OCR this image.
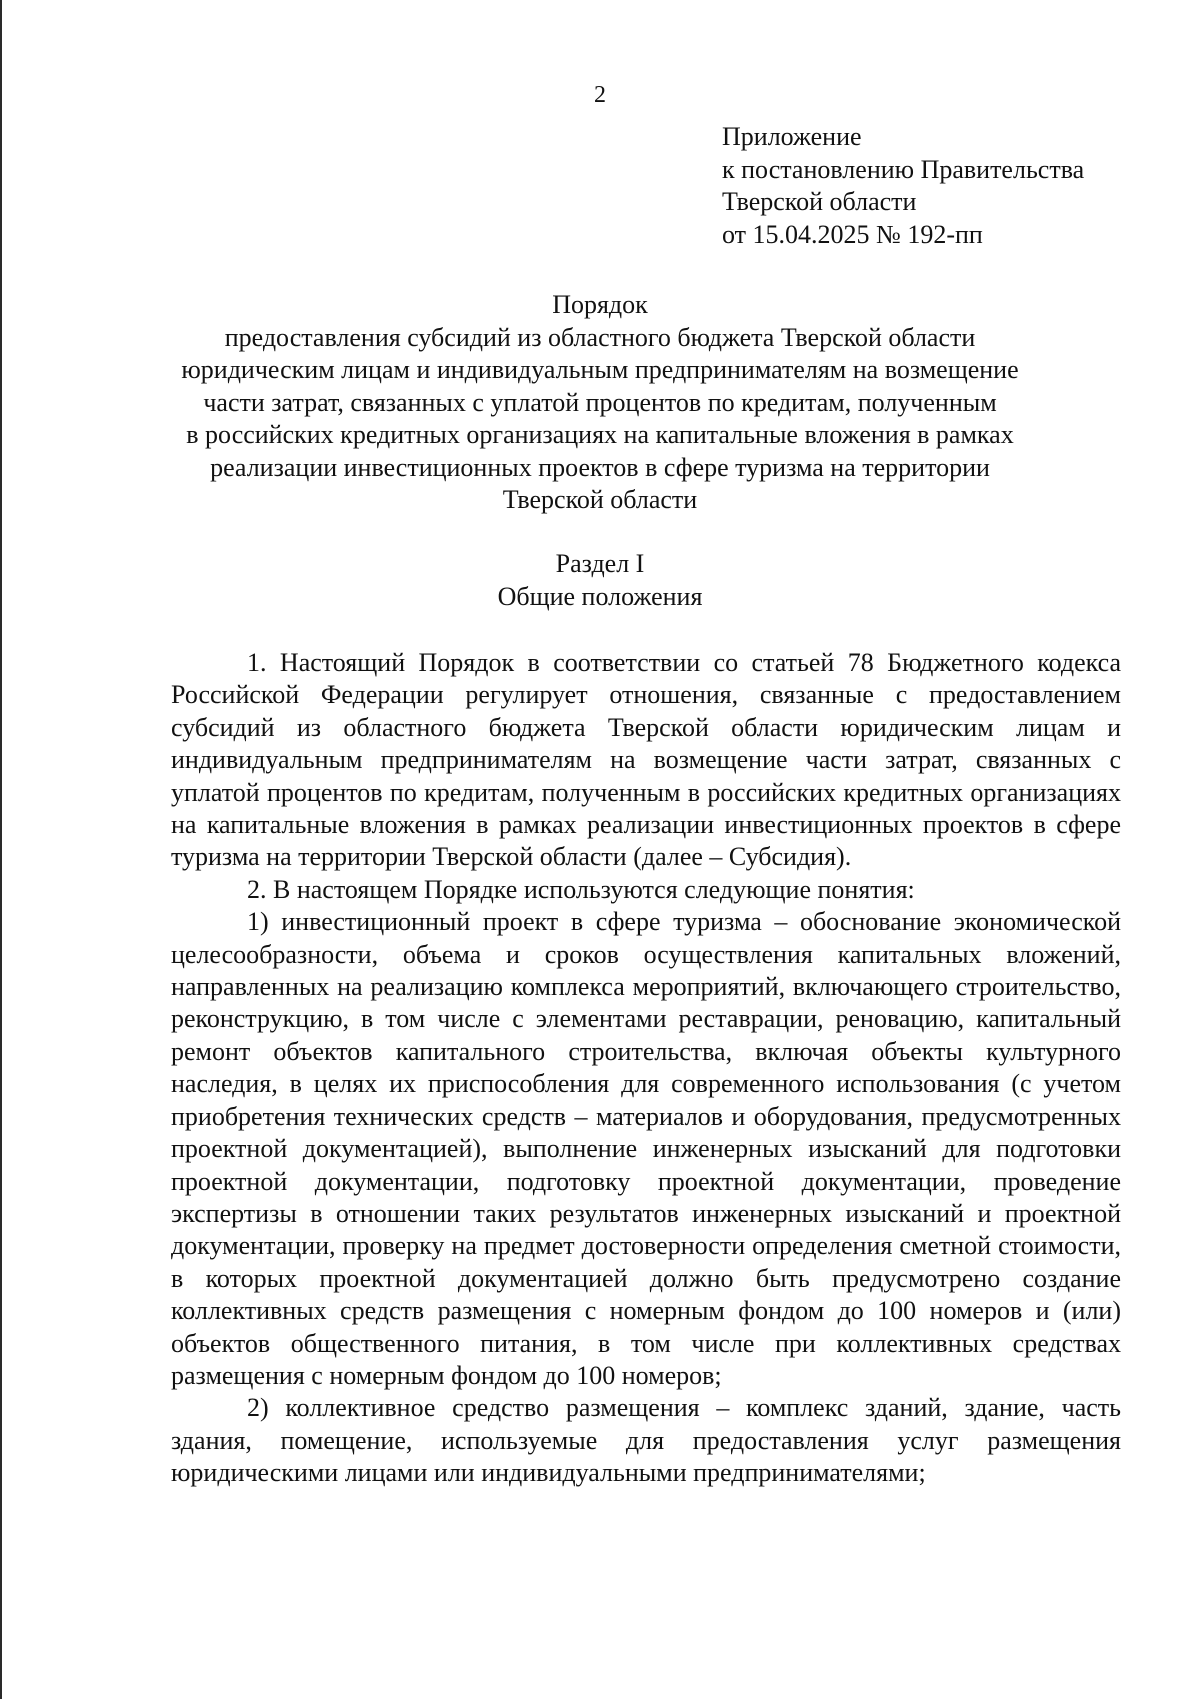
2
Приложение
к постановлению Правительства
Тверской области
от 15.04.2025 № 192-пп
Порядок
предоставления субсидий из областного бюджета Тверской области
юридическим лицам и индивидуальным предпринимателям на возмещение
части затрат, связанных с уплатой процентов по кредитам, полученным
в российских кредитных организациях на капитальные вложения в рамках
реализации инвестиционных проектов в сфере туризма на территории
Тверской области
Раздел I
Общие положения

1. Настоящий Порядок в соответствии со статьей 78 Бюджетного кодекса Российской Федерации регулирует отношения, связанные с предоставлением субсидий из областного бюджета Тверской области юридическим лицам и индивидуальным предпринимателям на возмещение части затрат, связанных с уплатой процентов по кредитам, полученным в российских кредитных организациях на капитальные вложения в рамках реализации инвестиционных проектов в сфере туризма на территории Тверской области (далее – Субсидия).

2. В настоящем Порядке используются следующие понятия:

1) инвестиционный проект в сфере туризма – обоснование экономической целесообразности, объема и сроков осуществления капитальных вложений, направленных на реализацию комплекса мероприятий, включающего строительство, реконструкцию, в том числе с элементами реставрации, реновацию, капитальный ремонт объектов капитального строительства, включая объекты культурного наследия, в целях их приспособления для современного использования (с учетом приобретения технических средств – материалов и оборудования, предусмотренных проектной документацией), выполнение инженерных изысканий для подготовки проектной документации, подготовку проектной документации, проведение экспертизы в отношении таких результатов инженерных изысканий и проектной документации, проверку на предмет достоверности определения сметной стоимости, в которых проектной документацией должно быть предусмотрено создание коллективных средств размещения с номерным фондом до 100 номеров и (или) объектов общественного питания, в том числе при коллективных средствах размещения с номерным фондом до 100 номеров;

2) коллективное средство размещения – комплекс зданий, здание, часть здания, помещение, используемые для предоставления услуг размещения юридическими лицами или индивидуальными предпринимателями;
